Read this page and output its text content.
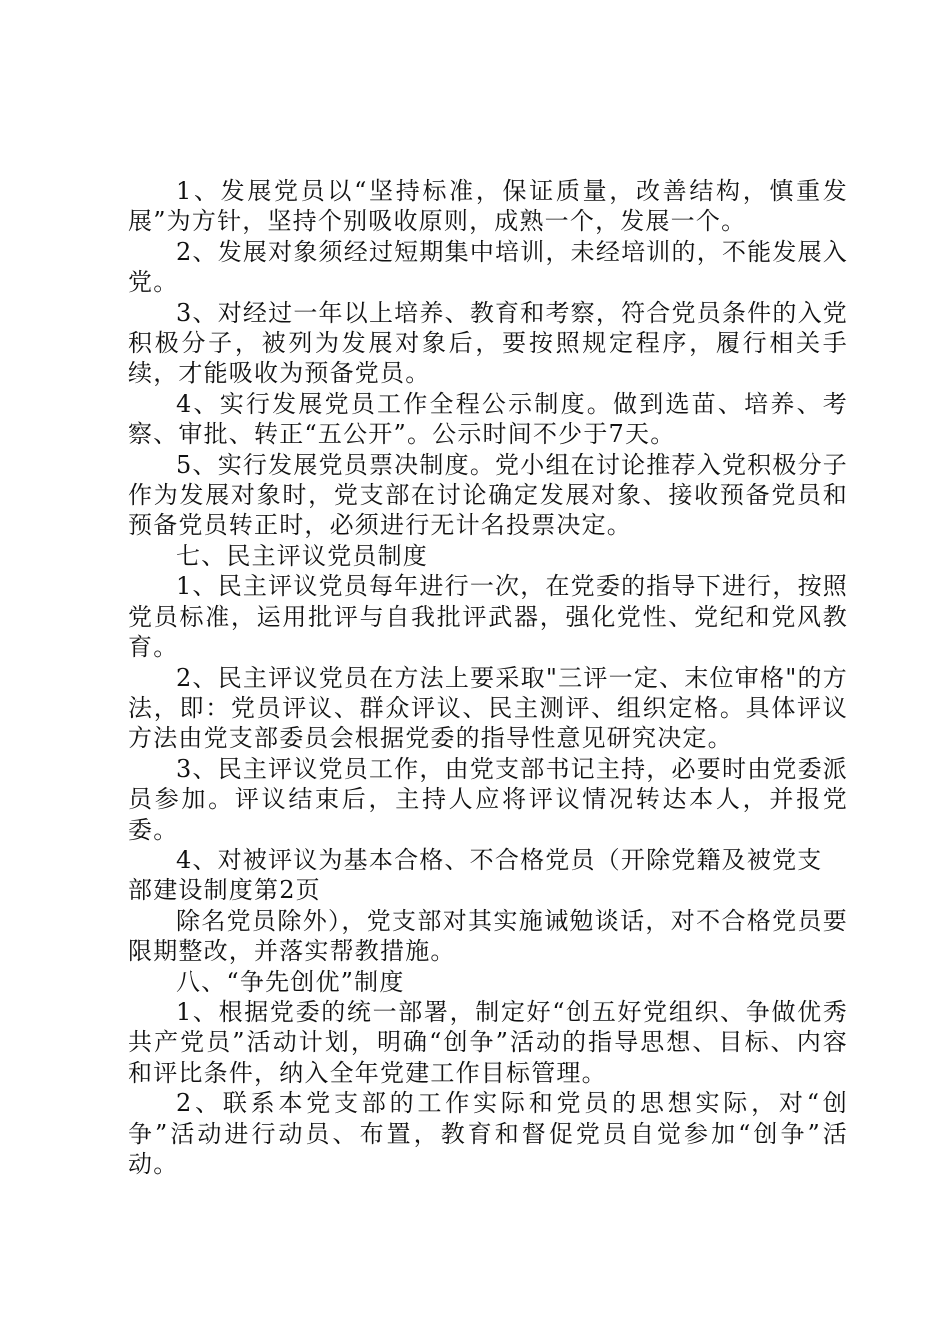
1、发展党员以“坚持标准，保证质量，改善结构，慎重发展”为方针，坚持个别吸收原则，成熟一个，发展一个。

2、发展对象须经过短期集中培训，未经培训的，不能发展入党。

3、对经过一年以上培养、教育和考察，符合党员条件的入党积极分子，被列为发展对象后，要按照规定程序，履行相关手续，才能吸收为预备党员。

4、实行发展党员工作全程公示制度。做到选苗、培养、考察、审批、转正“五公开”。公示时间不少于7天。

5、实行发展党员票决制度。党小组在讨论推荐入党积极分子作为发展对象时，党支部在讨论确定发展对象、接收预备党员和预备党员转正时，必须进行无计名投票决定。

七、民主评议党员制度

1、民主评议党员每年进行一次，在党委的指导下进行，按照党员标准，运用批评与自我批评武器，强化党性、党纪和党风教育。

2、民主评议党员在方法上要采取"三评一定、末位审格"的方法，即：党员评议、群众评议、民主测评、组织定格。具体评议方法由党支部委员会根据党委的指导性意见研究决定。

3、民主评议党员工作，由党支部书记主持，必要时由党委派员参加。评议结束后，主持人应将评议情况转达本人，并报党委。

4、对被评议为基本合格、不合格党员（开除党籍及被党支

部建设制度第2页

除名党员除外），党支部对其实施诫勉谈话，对不合格党员要限期整改，并落实帮教措施。

八、“争先创优”制度

1、根据党委的统一部署，制定好“创五好党组织、争做优秀共产党员”活动计划，明确“创争”活动的指导思想、目标、内容和评比条件，纳入全年党建工作目标管理。

2、联系本党支部的工作实际和党员的思想实际，对“创争”活动进行动员、布置，教育和督促党员自觉参加“创争”活动。
